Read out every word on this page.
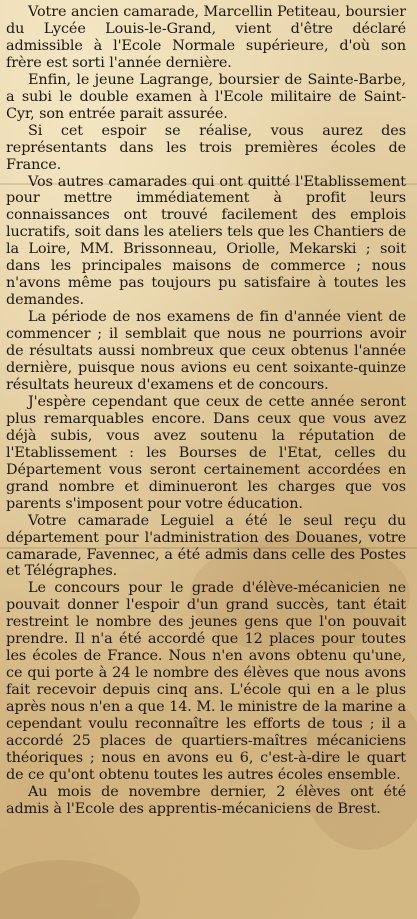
Votre ancien camarade, Marcellin Petiteau, boursier du Lycée Louis-le-Grand, vient d'être déclaré admissible à l'Ecole Normale supérieure, d'où son frère est sorti l'année dernière.

Enfin, le jeune Lagrange, boursier de Sainte-Barbe, a subi le double examen à l'Ecole militaire de Saint-Cyr, son entrée parait assurée.

Si cet espoir se réalise, vous aurez des représentants dans les trois premières écoles de France.

Vos autres camarades qui ont quitté l'Etablissement pour mettre immédiatement à profit leurs connaissances ont trouvé facilement des emplois lucratifs, soit dans les ateliers tels que les Chantiers de la Loire, MM. Brissonneau, Oriolle, Mekarski ; soit dans les principales maisons de commerce ; nous n'avons même pas toujours pu satisfaire à toutes les demandes.

La période de nos examens de fin d'année vient de commencer ; il semblait que nous ne pourrions avoir de résultats aussi nombreux que ceux obtenus l'année dernière, puisque nous avions eu cent soixante-quinze résultats heureux d'examens et de concours.

J'espère cependant que ceux de cette année seront plus remarquables encore. Dans ceux que vous avez déjà subis, vous avez soutenu la réputation de l'Etablissement : les Bourses de l'Etat, celles du Département vous seront certainement accordées en grand nombre et diminueront les charges que vos parents s'imposent pour votre éducation.

Votre camarade Leguiel a été le seul reçu du département pour l'administration des Douanes, votre camarade, Favennec, a été admis dans celle des Postes et Télégraphes.

Le concours pour le grade d'élève-mécanicien ne pouvait donner l'espoir d'un grand succès, tant était restreint le nombre des jeunes gens que l'on pouvait prendre. Il n'a été accordé que 12 places pour toutes les écoles de France. Nous n'en avons obtenu qu'une, ce qui porte à 24 le nombre des élèves que nous avons fait recevoir depuis cinq ans. L'école qui en a le plus après nous n'en a que 14. M. le ministre de la marine a cependant voulu reconnaître les efforts de tous ; il a accordé 25 places de quartiers-maîtres mécaniciens théoriques ; nous en avons eu 6, c'est-à-dire le quart de ce qu'ont obtenu toutes les autres écoles ensemble.

Au mois de novembre dernier, 2 élèves ont été admis à l'Ecole des apprentis-mécaniciens de Brest.
